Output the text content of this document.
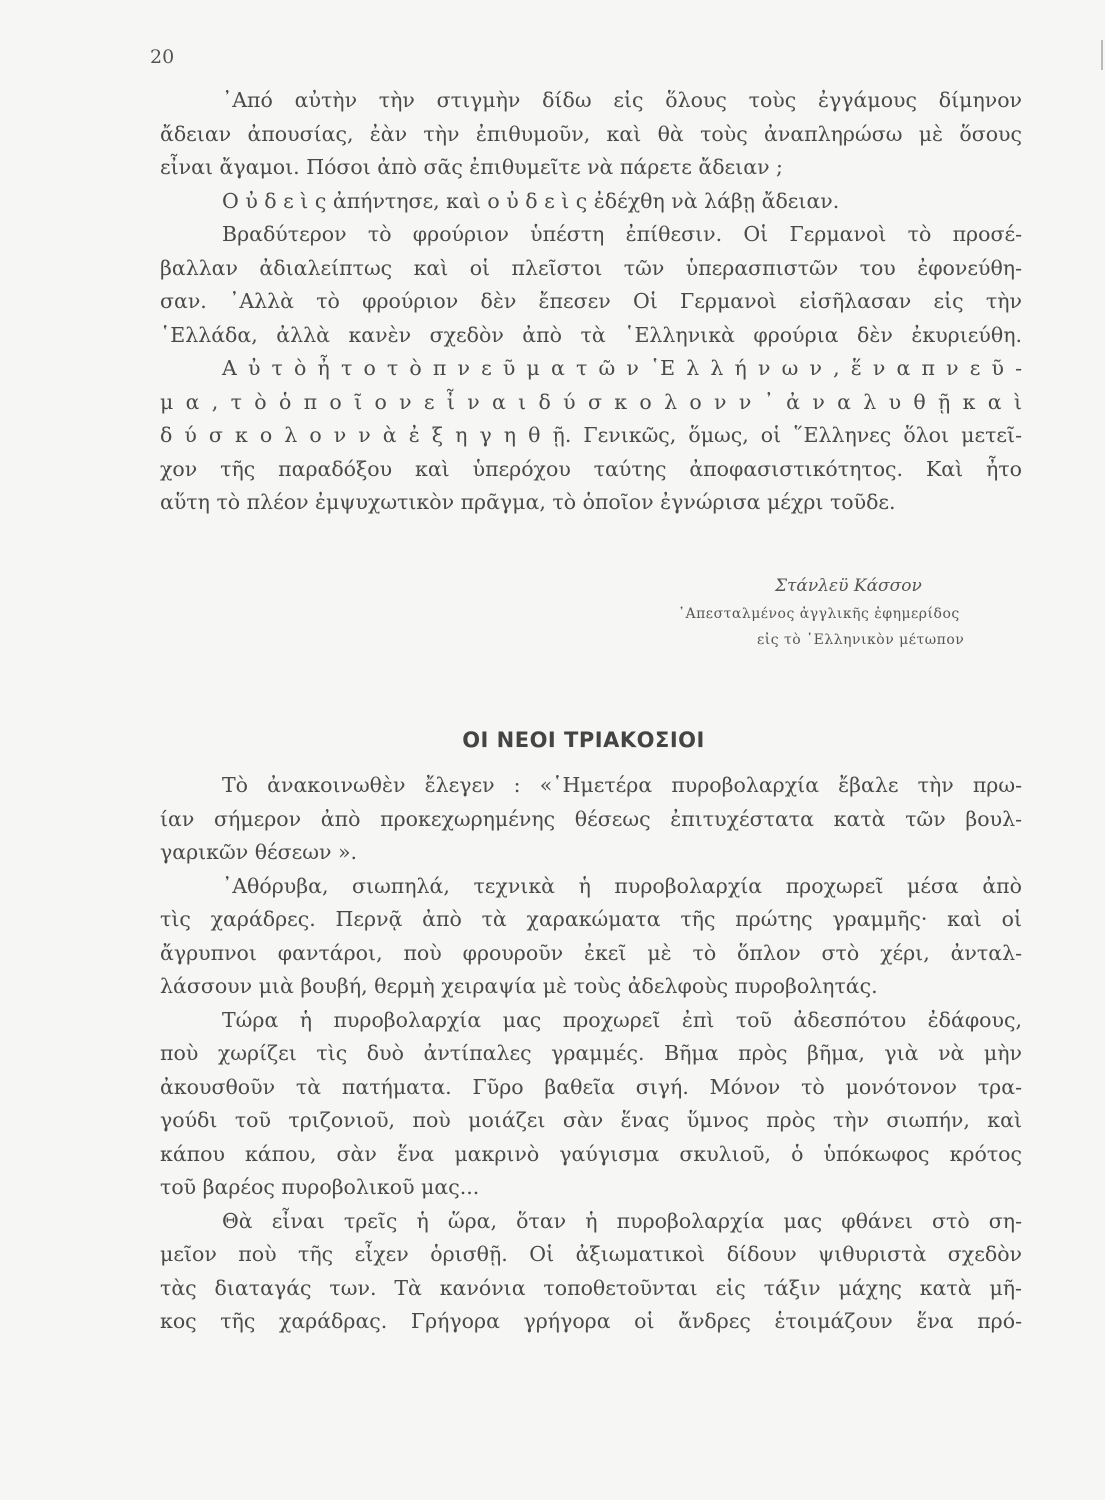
20
᾿Από αὐτὴν τὴν στιγμὴν δίδω εἰς ὅλους τοὺς ἐγγάμους δίμηνον
ἄδειαν ἀπουσίας, ἐὰν τὴν ἐπιθυμοῦν, καὶ θὰ τοὺς ἀναπληρώσω μὲ ὅσους
εἶναι ἄγαμοι. Πόσοι ἀπὸ σᾶς ἐπιθυμεῖτε νὰ πάρετε ἄδειαν ;
Ο ὐ δ ε ὶ ς ἀπήντησε, καὶ ο ὐ δ ε ὶ ς ἐδέχθη νὰ λάβῃ ἄδειαν.
Βραδύτερον τὸ φρούριον ὑπέστη ἐπίθεσιν. Οἱ Γερμανοὶ τὸ προσέ-
βαλλαν ἀδιαλείπτως καὶ οἱ πλεῖστοι τῶν ὑπερασπιστῶν του ἐφονεύθη-
σαν. ᾿Αλλὰ τὸ φρούριον δὲν ἔπεσεν Οἱ Γερμανοὶ εἰσῆλασαν εἰς τὴν
῾Ελλάδα, ἀλλὰ κανὲν σχεδὸν ἀπὸ τὰ ῾Ελληνικὰ φρούρια δὲν ἐκυριεύθη.
Α ὐ τ ὸ ἦ τ ο τ ὸ π ν ε ῦ μ α τ ῶ ν ῾Ε λ λ ή ν ω ν , ἕ ν α π ν ε ῦ -
μ α , τ ὸ ὁ π ο ῖ ο ν ε ἶ ν α ι δ ύ σ κ ο λ ο ν ν ᾿ ἀ ν α λ υ θ ῇ κ α ὶ
δ ύ σ κ ο λ ο ν ν ὰ ἐ ξ η γ η θ ῇ. Γενικῶς, ὅμως, οἱ ῞Ελληνες ὅλοι μετεῖ-
χον τῆς παραδόξου καὶ ὑπερόχου ταύτης ἀποφασιστικότητος. Καὶ ἦτο
αὕτη τὸ πλέον ἐμψυχωτικὸν πρᾶγμα, τὸ ὁποῖον ἐγνώρισα μέχρι τοῦδε.
Στάνλεϋ Κάσσον
᾿Απεσταλμένος ἀγγλικῆς ἐφημερίδος
εἰς τὸ ῾Ελληνικὸν μέτωπον
ΟΙ ΝΕΟΙ ΤΡΙΑΚΟΣΙΟΙ
Τὸ ἀνακοινωθὲν ἔλεγεν : «῾Ημετέρα πυροβολαρχία ἔβαλε τὴν πρω-
ίαν σήμερον ἀπὸ προκεχωρημένης θέσεως ἐπιτυχέστατα κατὰ τῶν βουλ-
γαρικῶν θέσεων ».
᾿Αθόρυβα, σιωπηλά, τεχνικὰ ἡ πυροβολαρχία προχωρεῖ μέσα ἀπὸ
τὶς χαράδρες. Περνᾷ ἀπὸ τὰ χαρακώματα τῆς πρώτης γραμμῆς· καὶ οἱ
ἄγρυπνοι φαντάροι, ποὺ φρουροῦν ἐκεῖ μὲ τὸ ὅπλον στὸ χέρι, ἀνταλ-
λάσσουν μιὰ βουβή, θερμὴ χειραψία μὲ τοὺς ἀδελφοὺς πυροβολητάς.
Τώρα ἡ πυροβολαρχία μας προχωρεῖ ἐπὶ τοῦ ἀδεσπότου ἐδάφους,
ποὺ χωρίζει τὶς δυὸ ἀντίπαλες γραμμές. Βῆμα πρὸς βῆμα, γιὰ νὰ μὴν
ἀκουσθοῦν τὰ πατήματα. Γῦρο βαθεῖα σιγή. Μόνον τὸ μονότονον τρα-
γούδι τοῦ τριζονιοῦ, ποὺ μοιάζει σὰν ἕνας ὕμνος πρὸς τὴν σιωπήν, καὶ
κάπου κάπου, σὰν ἕνα μακρινὸ γαύγισμα σκυλιοῦ, ὁ ὑπόκωφος κρότος
τοῦ βαρέος πυροβολικοῦ μας...
Θὰ εἶναι τρεῖς ἡ ὥρα, ὅταν ἡ πυροβολαρχία μας φθάνει στὸ ση-
μεῖον ποὺ τῆς εἶχεν ὁρισθῇ. Οἱ ἀξιωματικοὶ δίδουν ψιθυριστὰ σχεδὸν
τὰς διαταγάς των. Τὰ κανόνια τοποθετοῦνται εἰς τάξιν μάχης κατὰ μῆ-
κος τῆς χαράδρας. Γρήγορα γρήγορα οἱ ἄνδρες ἑτοιμάζουν ἕνα πρό-
